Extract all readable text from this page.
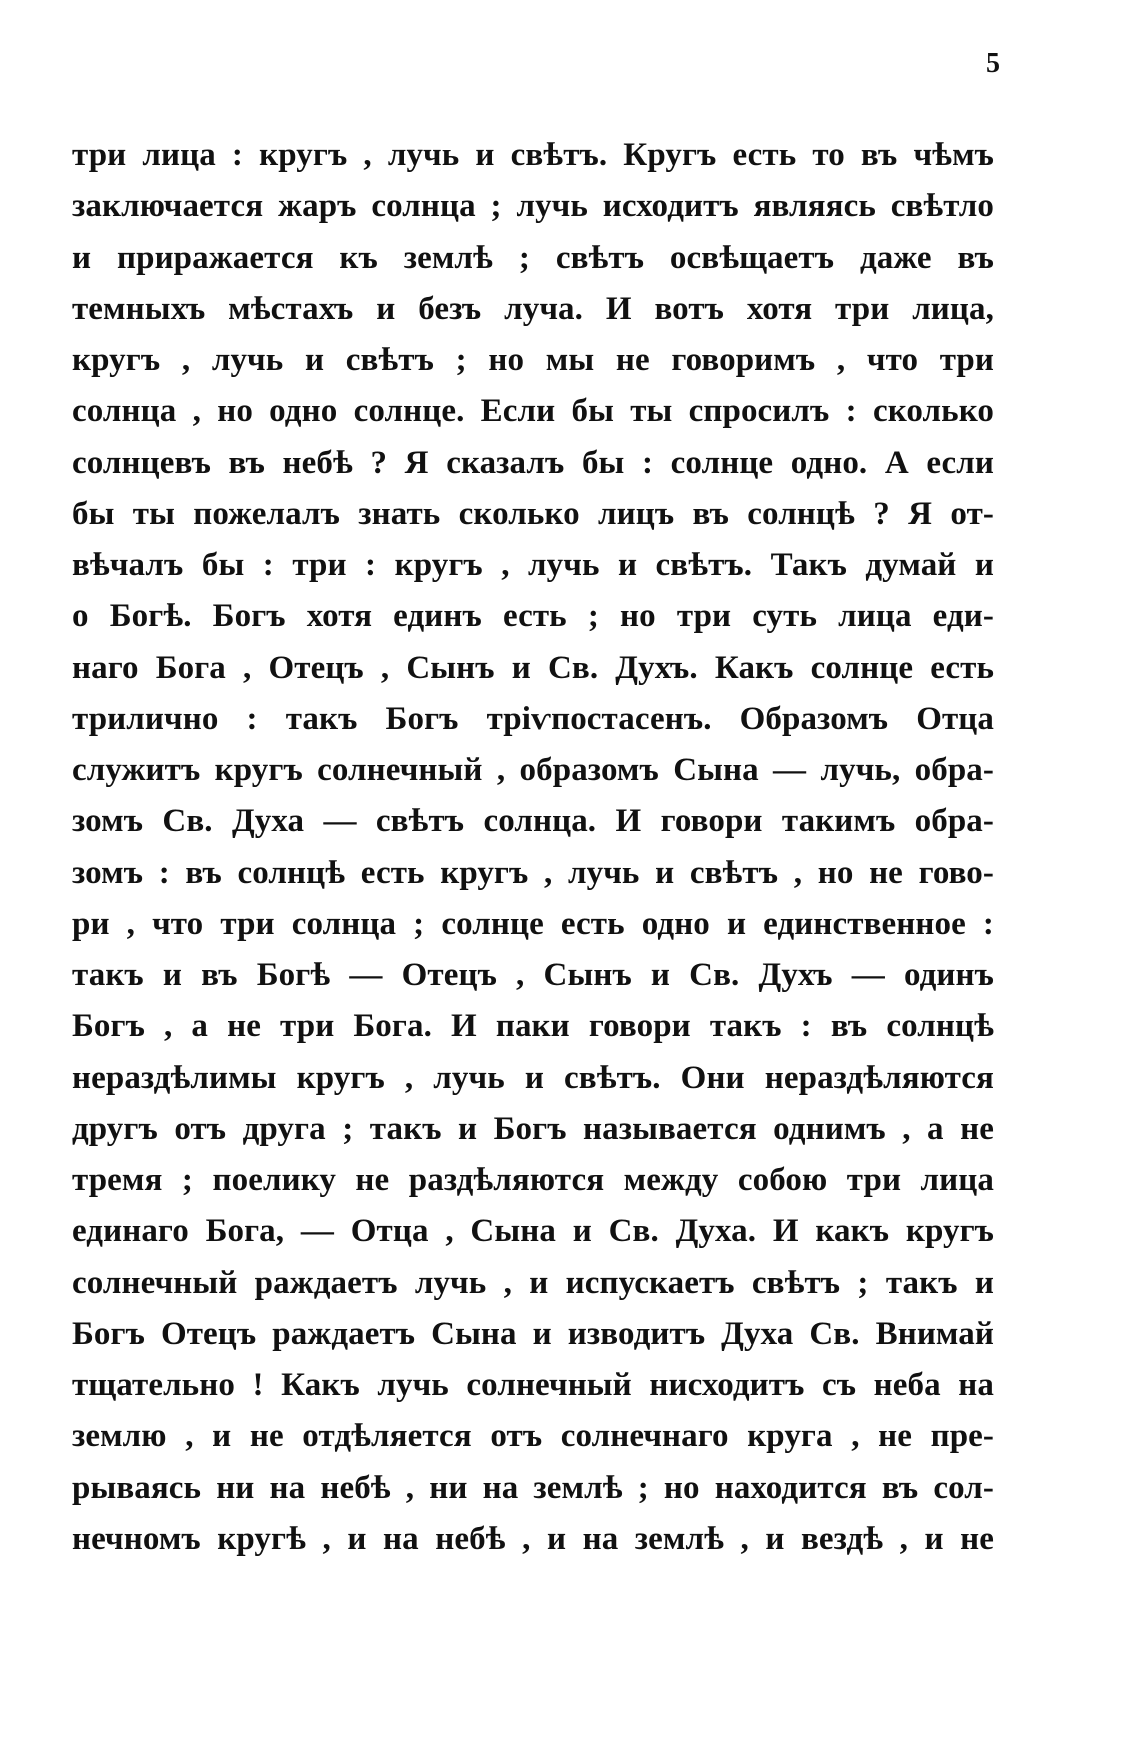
5
три лица : кругъ , лучь и свѣтъ. Кругъ есть то въ чѣмъ
заключается жаръ солнца ; лучь исходитъ являясь свѣтло
и приражается къ землѣ ; свѣтъ освѣщаетъ даже въ
темныхъ мѣстахъ и безъ луча. И вотъ хотя три лица,
кругъ , лучь и свѣтъ ; но мы не говоримъ , что три
солнца , но одно солнце. Если бы ты спросилъ : сколько
солнцевъ въ небѣ ? Я сказалъ бы : солнце одно. А если
бы ты пожелалъ знать сколько лицъ въ солнцѣ ? Я от-
вѣчалъ бы : три : кругъ , лучь и свѣтъ. Такъ думай и
о Богѣ. Богъ хотя единъ есть ; но три суть лица еди-
наго Бога , Отецъ , Сынъ и Св. Духъ. Какъ солнце есть
трилично : такъ Богъ тріѵпостасенъ. Образомъ Отца
служитъ кругъ солнечный , образомъ Сына — лучь, обра-
зомъ Св. Духа — свѣтъ солнца. И говори такимъ обра-
зомъ : въ солнцѣ есть кругъ , лучь и свѣтъ , но не гово-
ри , что три солнца ; солнце есть одно и единственное :
такъ и въ Богѣ — Отецъ , Сынъ и Св. Духъ — одинъ
Богъ , а не три Бога. И паки говори такъ : въ солнцѣ
нераздѣлимы кругъ , лучь и свѣтъ. Они нераздѣляются
другъ отъ друга ; такъ и Богъ называется однимъ , а не
тремя ; поелику не раздѣляются между собою три лица
единаго Бога, — Отца , Сына и Св. Духа. И какъ кругъ
солнечный раждаетъ лучь , и испускаетъ свѣтъ ; такъ и
Богъ Отецъ раждаетъ Сына и изводитъ Духа Св. Внимай
тщательно ! Какъ лучь солнечный нисходитъ съ неба на
землю , и не отдѣляется отъ солнечнаго круга , не пре-
рываясь ни на небѣ , ни на землѣ ; но находится въ сол-
нечномъ кругѣ , и на небѣ , и на землѣ , и вездѣ , и не
